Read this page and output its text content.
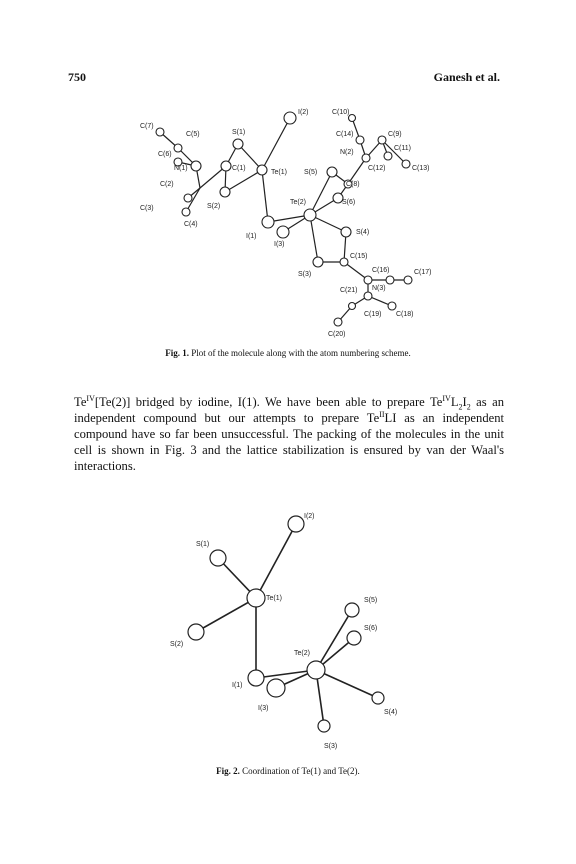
750	Ganesh et al.
C(7)
C(5)	S(1)
I(2)	C(10)
C(6)
C(14)	C(9)
N(1)	C(1)
Te(1) S(5)
N(2)
C(11)
C(12)	C(13)
C(2)	C(8)
C(3)	S(2)
Te(2)	S(6)
C(4)
I(1)
I(3)
S(4)
C(15)
S(3)
C(16)	C(17)
C(21) N(3)
C(19) C(18)
C(20)
Fig. 1. Plot of the molecule along with the atom numbering scheme.
$Te^{IV}[Te(2)]$ bridged by iodine, I(1). We have been able to prepare $Te^{IV}L_2I_2$ as an independent compound but our attempts to prepare $Te^{II}LI$ as an independent compound have so far been unsuccessful. The packing of the molecules in the unit cell is shown in Fig. 3 and the lattice stabilization is ensured by van der Waal's interactions.
I(2)
S(1)
Te(1)	S(5)
S(6)
S(2)
Te(2)
I(1)
I(3)
S(4)
S(3)
Fig. 2. Coordination of Te(1) and Te(2).
